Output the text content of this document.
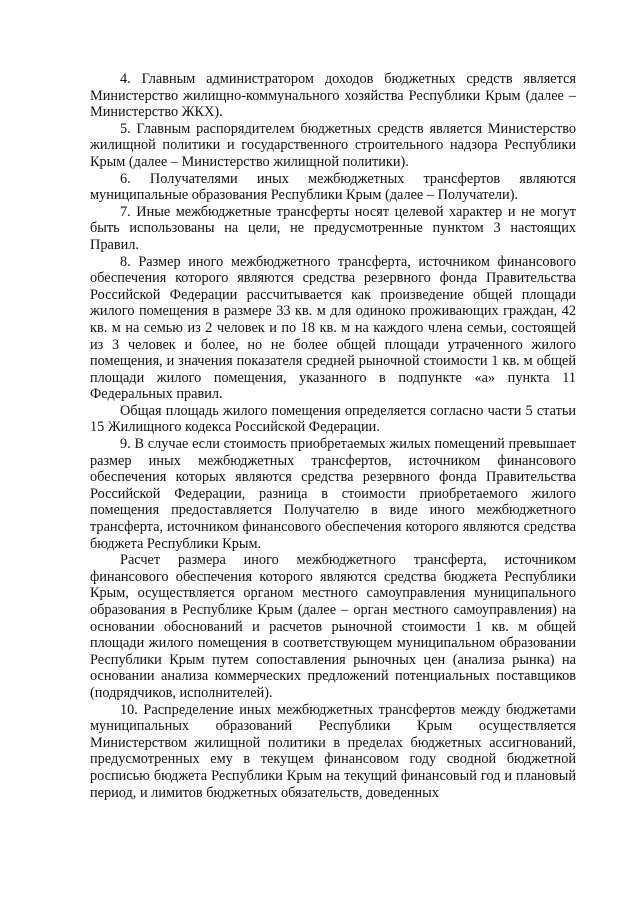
4. Главным администратором доходов бюджетных средств является Министерство жилищно-коммунального хозяйства Республики Крым (далее – Министерство ЖКХ).

5. Главным распорядителем бюджетных средств является Министерство жилищной политики и государственного строительного надзора Республики Крым (далее – Министерство жилищной политики).

6. Получателями иных межбюджетных трансфертов являются муниципальные образования Республики Крым (далее – Получатели).

7. Иные межбюджетные трансферты носят целевой характер и не могут быть использованы на цели, не предусмотренные пунктом 3 настоящих Правил.

8. Размер иного межбюджетного трансферта, источником финансового обеспечения которого являются средства резервного фонда Правительства Российской Федерации рассчитывается как произведение общей площади жилого помещения в размере 33 кв. м для одиноко проживающих граждан, 42 кв. м на семью из 2 человек и по 18 кв. м на каждого члена семьи, состоящей из 3 человек и более, но не более общей площади утраченного жилого помещения, и значения показателя средней рыночной стоимости 1 кв. м общей площади жилого помещения, указанного в подпункте «а» пункта 11 Федеральных правил.

Общая площадь жилого помещения определяется согласно части 5 статьи 15 Жилищного кодекса Российской Федерации.

9. В случае если стоимость приобретаемых жилых помещений превышает размер иных межбюджетных трансфертов, источником финансового обеспечения которых являются средства резервного фонда Правительства Российской Федерации, разница в стоимости приобретаемого жилого помещения предоставляется Получателю в виде иного межбюджетного трансферта, источником финансового обеспечения которого являются средства бюджета Республики Крым.

Расчет размера иного межбюджетного трансферта, источником финансового обеспечения которого являются средства бюджета Республики Крым, осуществляется органом местного самоуправления муниципального образования в Республике Крым (далее – орган местного самоуправления) на основании обоснований и расчетов рыночной стоимости 1 кв. м общей площади жилого помещения в соответствующем муниципальном образовании Республики Крым путем сопоставления рыночных цен (анализа рынка) на основании анализа коммерческих предложений потенциальных поставщиков (подрядчиков, исполнителей).

10. Распределение иных межбюджетных трансфертов между бюджетами муниципальных образований Республики Крым осуществляется Министерством жилищной политики в пределах бюджетных ассигнований, предусмотренных ему в текущем финансовом году сводной бюджетной росписью бюджета Республики Крым на текущий финансовый год и плановый период, и лимитов бюджетных обязательств, доведенных
